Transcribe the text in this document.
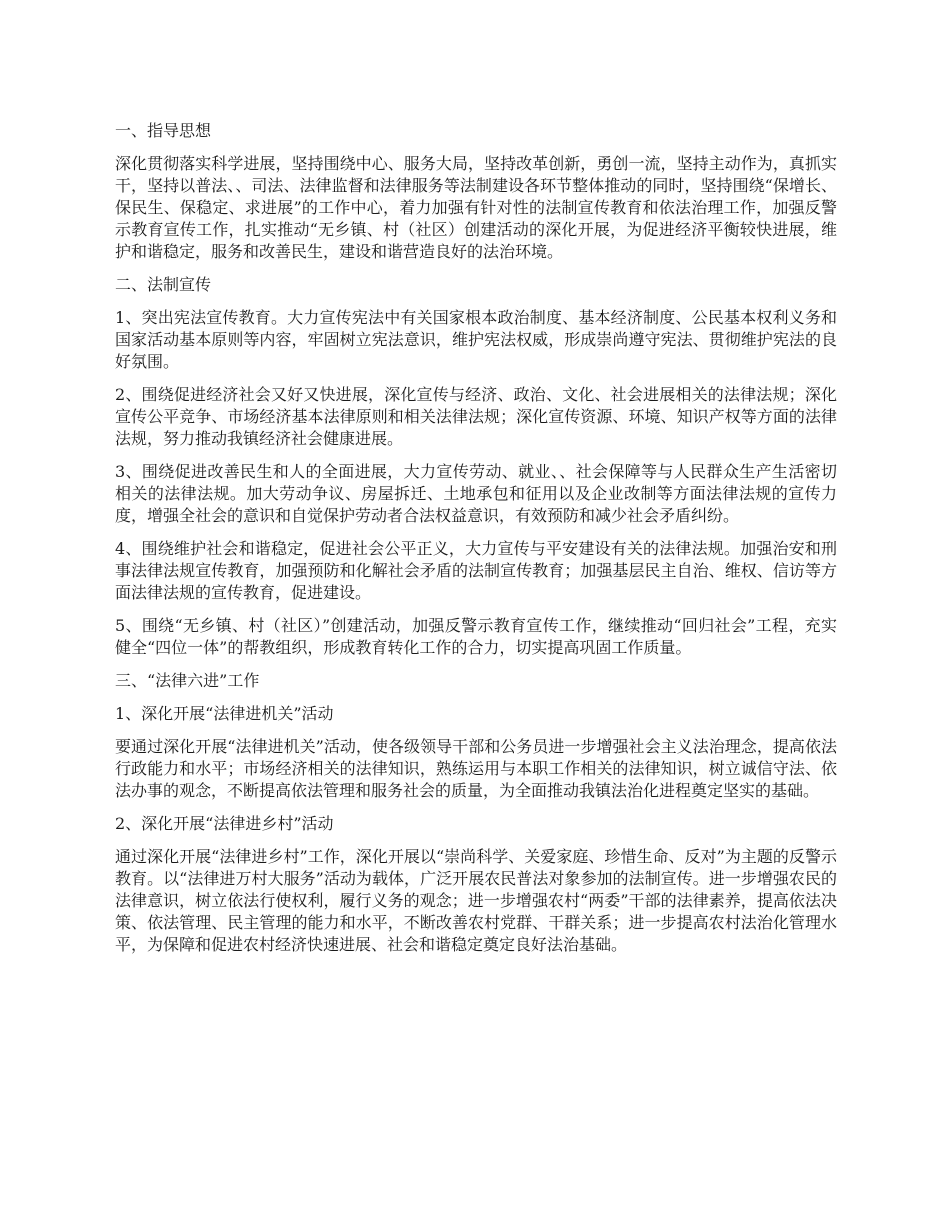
一、指导思想
深化贯彻落实科学进展，坚持围绕中心、服务大局，坚持改革创新，勇创一流，坚持主动作为，真抓实干，坚持以普法、、司法、法律监督和法律服务等法制建设各环节整体推动的同时，坚持围绕“保增长、保民生、保稳定、求进展”的工作中心，着力加强有针对性的法制宣传教育和依法治理工作，加强反警示教育宣传工作，扎实推动“无乡镇、村（社区）创建活动的深化开展，为促进经济平衡较快进展，维护和谐稳定，服务和改善民生，建设和谐营造良好的法治环境。
二、法制宣传
1、突出宪法宣传教育。大力宣传宪法中有关国家根本政治制度、基本经济制度、公民基本权利义务和国家活动基本原则等内容，牢固树立宪法意识，维护宪法权威，形成崇尚遵守宪法、贯彻维护宪法的良好氛围。
2、围绕促进经济社会又好又快进展，深化宣传与经济、政治、文化、社会进展相关的法律法规；深化宣传公平竞争、市场经济基本法律原则和相关法律法规；深化宣传资源、环境、知识产权等方面的法律法规，努力推动我镇经济社会健康进展。
3、围绕促进改善民生和人的全面进展，大力宣传劳动、就业、、社会保障等与人民群众生产生活密切相关的法律法规。加大劳动争议、房屋拆迁、土地承包和征用以及企业改制等方面法律法规的宣传力度，增强全社会的意识和自觉保护劳动者合法权益意识，有效预防和减少社会矛盾纠纷。
4、围绕维护社会和谐稳定，促进社会公平正义，大力宣传与平安建设有关的法律法规。加强治安和刑事法律法规宣传教育，加强预防和化解社会矛盾的法制宣传教育；加强基层民主自治、维权、信访等方面法律法规的宣传教育，促进建设。
5、围绕“无乡镇、村（社区）”创建活动，加强反警示教育宣传工作，继续推动“回归社会”工程，充实健全“四位一体”的帮教组织，形成教育转化工作的合力，切实提高巩固工作质量。
三、“法律六进”工作
1、深化开展“法律进机关”活动
要通过深化开展“法律进机关”活动，使各级领导干部和公务员进一步增强社会主义法治理念，提高依法行政能力和水平；市场经济相关的法律知识，熟练运用与本职工作相关的法律知识，树立诚信守法、依法办事的观念，不断提高依法管理和服务社会的质量，为全面推动我镇法治化进程奠定坚实的基础。
2、深化开展“法律进乡村”活动
通过深化开展“法律进乡村”工作，深化开展以“崇尚科学、关爱家庭、珍惜生命、反对”为主题的反警示教育。以“法律进万村大服务”活动为载体，广泛开展农民普法对象参加的法制宣传。进一步增强农民的法律意识，树立依法行使权利，履行义务的观念；进一步增强农村“两委”干部的法律素养，提高依法决策、依法管理、民主管理的能力和水平，不断改善农村党群、干群关系；进一步提高农村法治化管理水平，为保障和促进农村经济快速进展、社会和谐稳定奠定良好法治基础。
